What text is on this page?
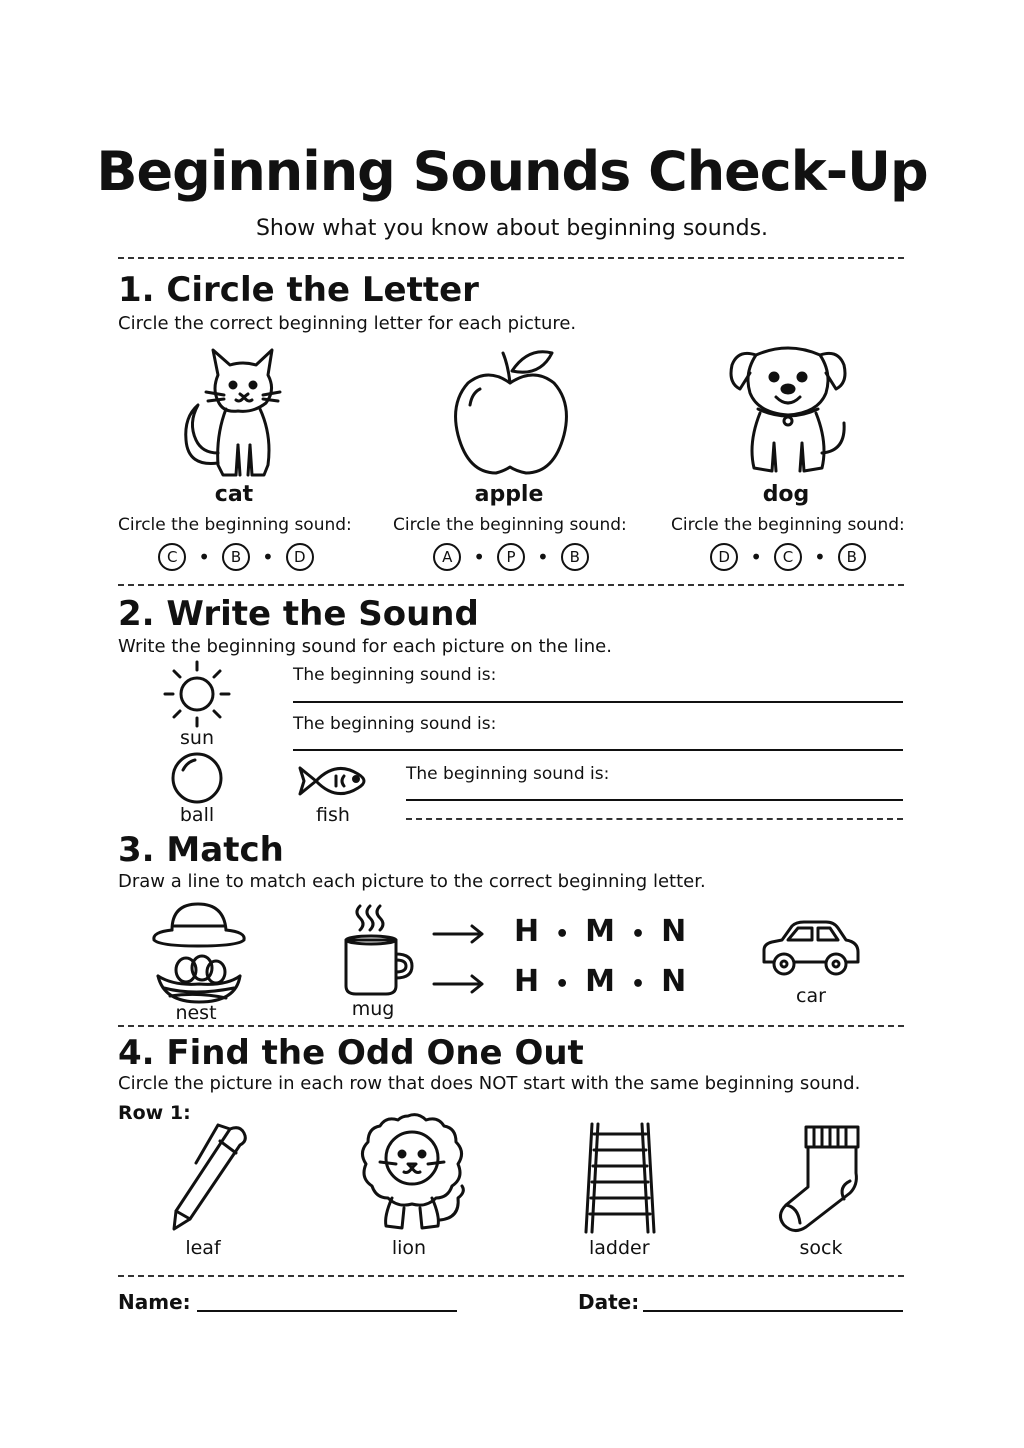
Beginning Sounds Check-Up
Show what you know about beginning sounds.
1. Circle the Letter
Circle the correct beginning letter for each picture.
cat
Circle the beginning sound:
C • B • D
apple
Circle the beginning sound:
A • P • B
dog
Circle the beginning sound:
D • C • B
2. Write the Sound
Write the beginning sound for each picture on the line.
sun
The beginning sound is:
The beginning sound is:
ball	fish
The beginning sound is:
3. Match
Draw a line to match each picture to the correct beginning letter.
nest	mug
H • M • N
H • M • N	car
4. Find the Odd One Out
Circle the picture in each row that does NOT start with the same beginning sound.
Row 1:
leaf	lion	ladder	sock
Name:	Date:
